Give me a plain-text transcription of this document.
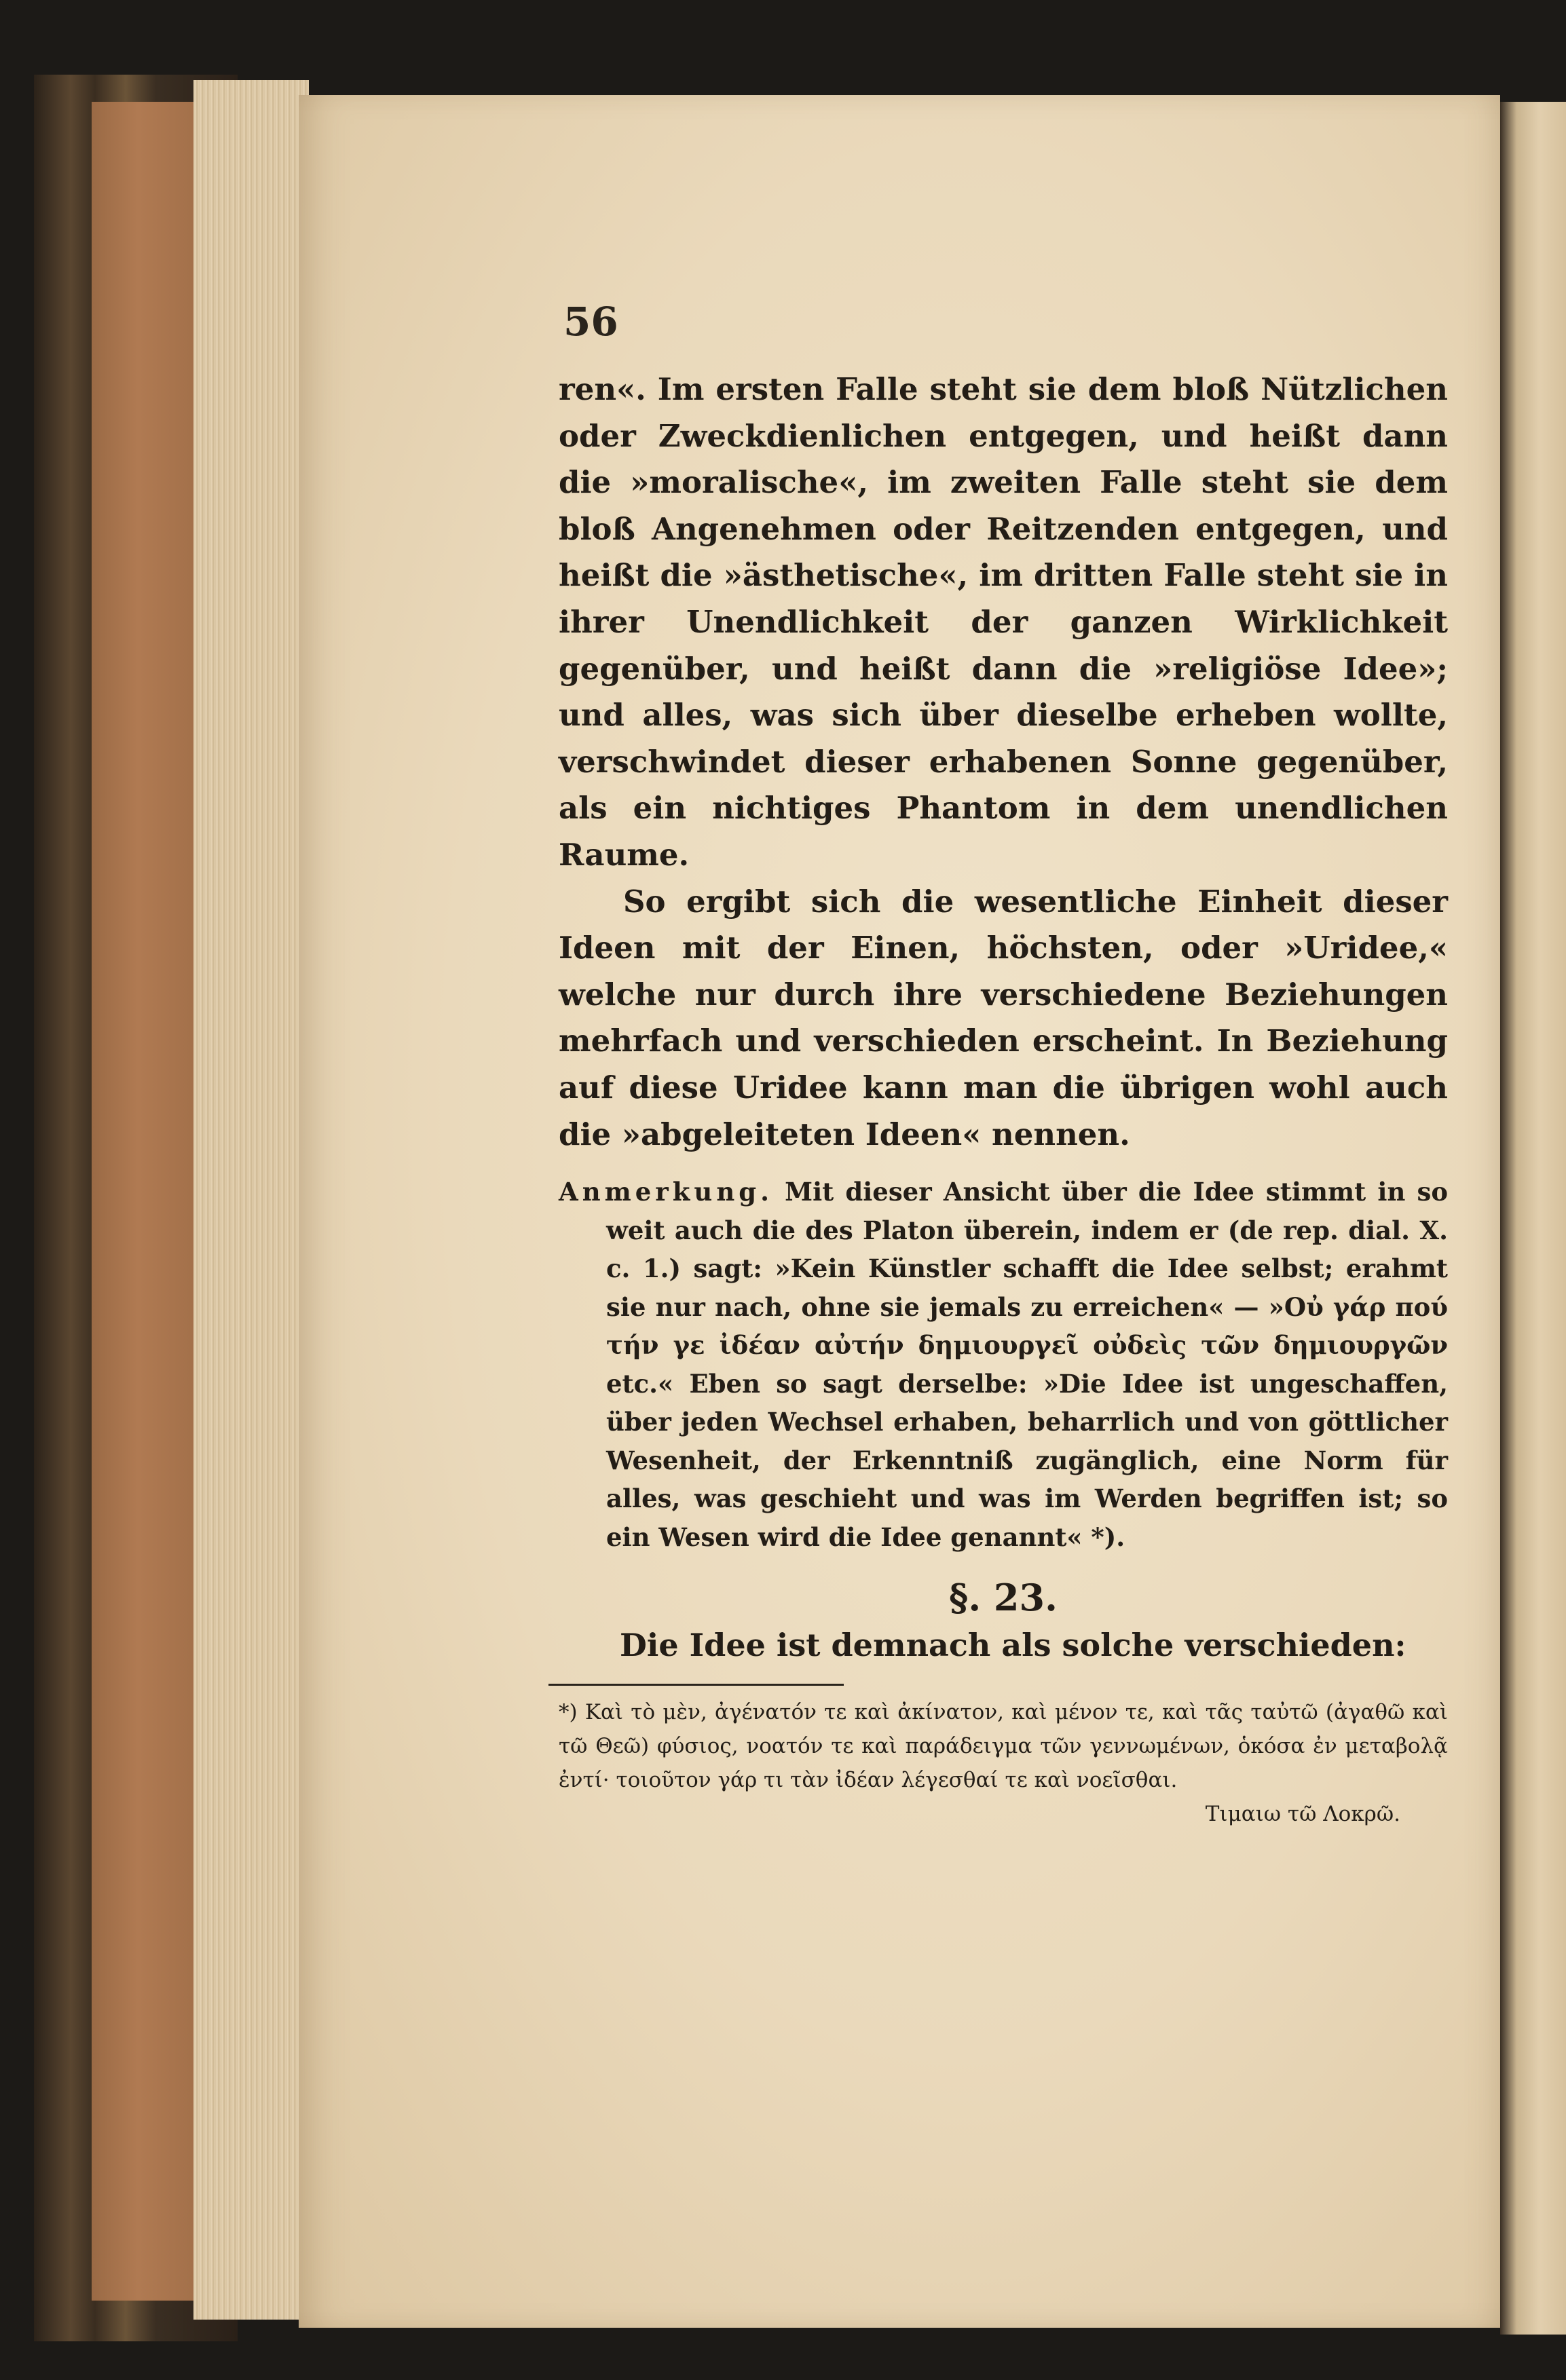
56

ren«. Im ersten Falle steht sie dem bloß Nützlichen oder Zweckdienlichen entgegen, und heißt dann die »moralische«, im zweiten Falle steht sie dem bloß Angenehmen oder Reitzenden entgegen, und heißt die »ästhetische«, im dritten Falle steht sie in ihrer Unendlichkeit der ganzen Wirklichkeit gegenüber, und heißt dann die »religiöse Idee»; und alles, was sich über dieselbe erheben wollte, verschwindet dieser erhabenen Sonne gegenüber, als ein nichtiges Phantom in dem unendlichen Raume.

So ergibt sich die wesentliche Einheit dieser Ideen mit der Einen, höchsten, oder »Uridee,« welche nur durch ihre verschiedene Beziehungen mehrfach und verschieden erscheint. In Beziehung auf diese Uridee kann man die übrigen wohl auch die »abgeleiteten Ideen« nennen.

Anmerkung. Mit dieser Ansicht über die Idee stimmt in so weit auch die des Platon überein, indem er (de rep. dial. X. c. 1.) sagt: »Kein Künstler schafft die Idee selbst; erahmt sie nur nach, ohne sie jemals zu erreichen« — »Οὐ γάρ πού τήν γε ἰδέαν αὐτήν δημιουργεῖ οὐδεὶς τῶν δημιουργῶν etc.« Eben so sagt derselbe: »Die Idee ist ungeschaffen, über jeden Wechsel erhaben, beharrlich und von göttlicher Wesenheit, der Erkenntniß zugänglich, eine Norm für alles, was geschieht und was im Werden begriffen ist; so ein Wesen wird die Idee genannt« *).

§. 23.

Die Idee ist demnach als solche verschieden:

*) Καὶ τὸ μὲν, ἀγένατόν τε καὶ ἀκίνατον, καὶ μένον τε, καὶ τᾶς ταὐτῶ (ἀγαθῶ καὶ τῶ Θεῶ) φύσιος, νοατόν τε καὶ παράδειγμα τῶν γεννωμένων, ὁκόσα ἐν μεταβολᾷ ἐντί· τοιοῦτον γάρ τι τὰν ἰδέαν λέγεσθαί τε καὶ νοεῖσθαι.

Τιμαιω τῶ Λοκρῶ.
